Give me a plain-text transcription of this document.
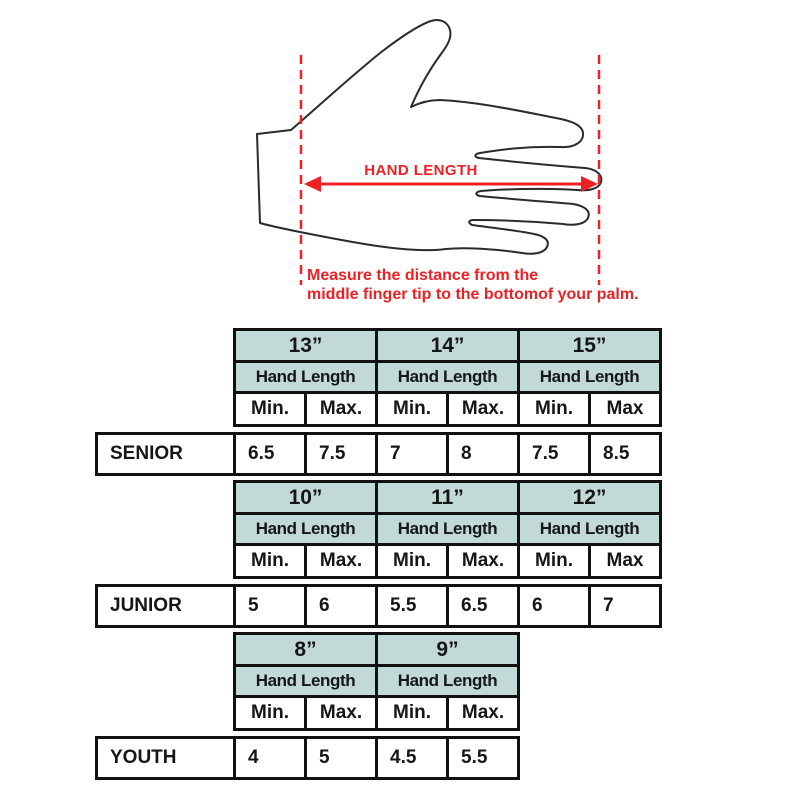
HAND LENGTH
Measure the distance from the
middle finger tip to the bottomof your palm.
13”	14”	15”
Hand Length	Hand Length	Hand Length
Min.	Max.	Min.	Max.	Min.	Max
SENIOR	6.5	7.5	7	8	7.5	8.5
10”	11”	12”
Hand Length	Hand Length	Hand Length
Min.	Max.	Min.	Max.	Min.	Max
JUNIOR	5	6	5.5	6.5	6	7
8”	9”
Hand Length	Hand Length
Min.	Max.	Min.	Max.
YOUTH	4	5	4.5	5.5
